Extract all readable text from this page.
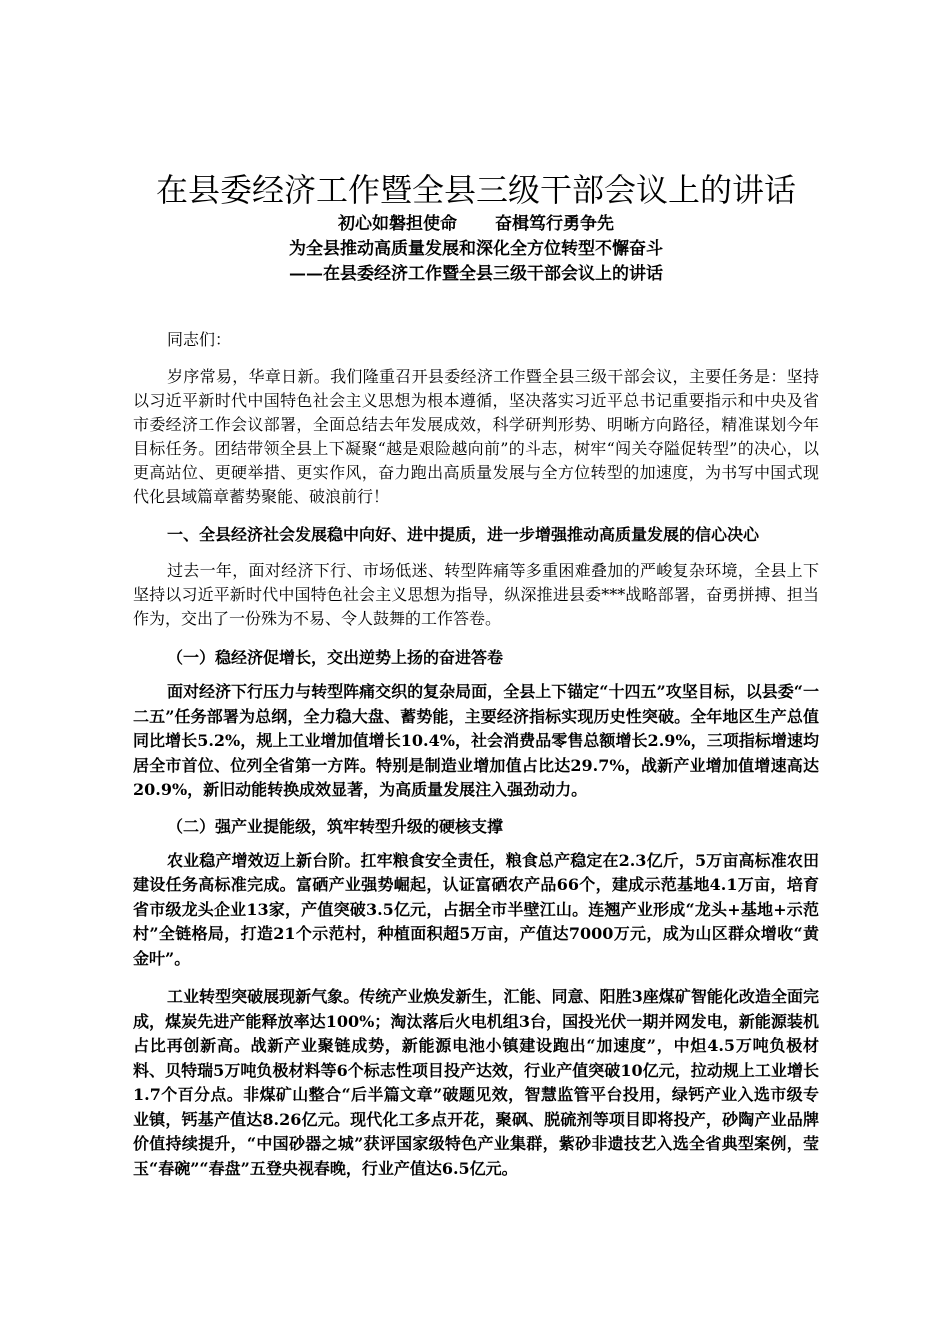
在县委经济工作暨全县三级干部会议上的讲话
初心如磐担使命 奋楫笃行勇争先
为全县推动高质量发展和深化全方位转型不懈奋斗
——在县委经济工作暨全县三级干部会议上的讲话

同志们：

岁序常易，华章日新。我们隆重召开县委经济工作暨全县三级干部会议，主要任务是：坚持以习近平新时代中国特色社会主义思想为根本遵循，坚决落实习近平总书记重要指示和中央及省市委经济工作会议部署，全面总结去年发展成效，科学研判形势、明晰方向路径，精准谋划今年目标任务。团结带领全县上下凝聚“越是艰险越向前”的斗志，树牢“闯关夺隘促转型”的决心，以更高站位、更硬举措、更实作风，奋力跑出高质量发展与全方位转型的加速度，为书写中国式现代化县域篇章蓄势聚能、破浪前行！

一、全县经济社会发展稳中向好、进中提质，进一步增强推动高质量发展的信心决心

过去一年，面对经济下行、市场低迷、转型阵痛等多重困难叠加的严峻复杂环境，全县上下坚持以习近平新时代中国特色社会主义思想为指导，纵深推进县委***战略部署，奋勇拼搏、担当作为，交出了一份殊为不易、令人鼓舞的工作答卷。

（一）稳经济促增长，交出逆势上扬的奋进答卷

面对经济下行压力与转型阵痛交织的复杂局面，全县上下锚定“十四五”攻坚目标，以县委“一二五”任务部署为总纲，全力稳大盘、蓄势能，主要经济指标实现历史性突破。全年地区生产总值同比增长5.2%，规上工业增加值增长10.4%，社会消费品零售总额增长2.9%，三项指标增速均居全市首位、位列全省第一方阵。特别是制造业增加值占比达29.7%，战新产业增加值增速高达20.9%，新旧动能转换成效显著，为高质量发展注入强劲动力。

（二）强产业提能级，筑牢转型升级的硬核支撑

农业稳产增效迈上新台阶。扛牢粮食安全责任，粮食总产稳定在2.3亿斤，5万亩高标准农田建设任务高标准完成。富硒产业强势崛起，认证富硒农产品66个，建成示范基地4.1万亩，培育省市级龙头企业13家，产值突破3.5亿元，占据全市半壁江山。连翘产业形成“龙头+基地+示范村”全链格局，打造21个示范村，种植面积超5万亩，产值达7000万元，成为山区群众增收“黄金叶”。

工业转型突破展现新气象。传统产业焕发新生，汇能、同意、阳胜3座煤矿智能化改造全面完成，煤炭先进产能释放率达100%；淘汰落后火电机组3台，国投光伏一期并网发电，新能源装机占比再创新高。战新产业聚链成势，新能源电池小镇建设跑出“加速度”，中炟4.5万吨负极材料、贝特瑞5万吨负极材料等6个标志性项目投产达效，行业产值突破10亿元，拉动规上工业增长1.7个百分点。非煤矿山整合“后半篇文章”破题见效，智慧监管平台投用，绿钙产业入选市级专业镇，钙基产值达8.26亿元。现代化工多点开花，聚砜、脱硫剂等项目即将投产，砂陶产业品牌价值持续提升，“中国砂器之城”获评国家级特色产业集群，紫砂非遗技艺入选全省典型案例，莹玉“春碗”“春盘”五登央视春晚，行业产值达6.5亿元。
